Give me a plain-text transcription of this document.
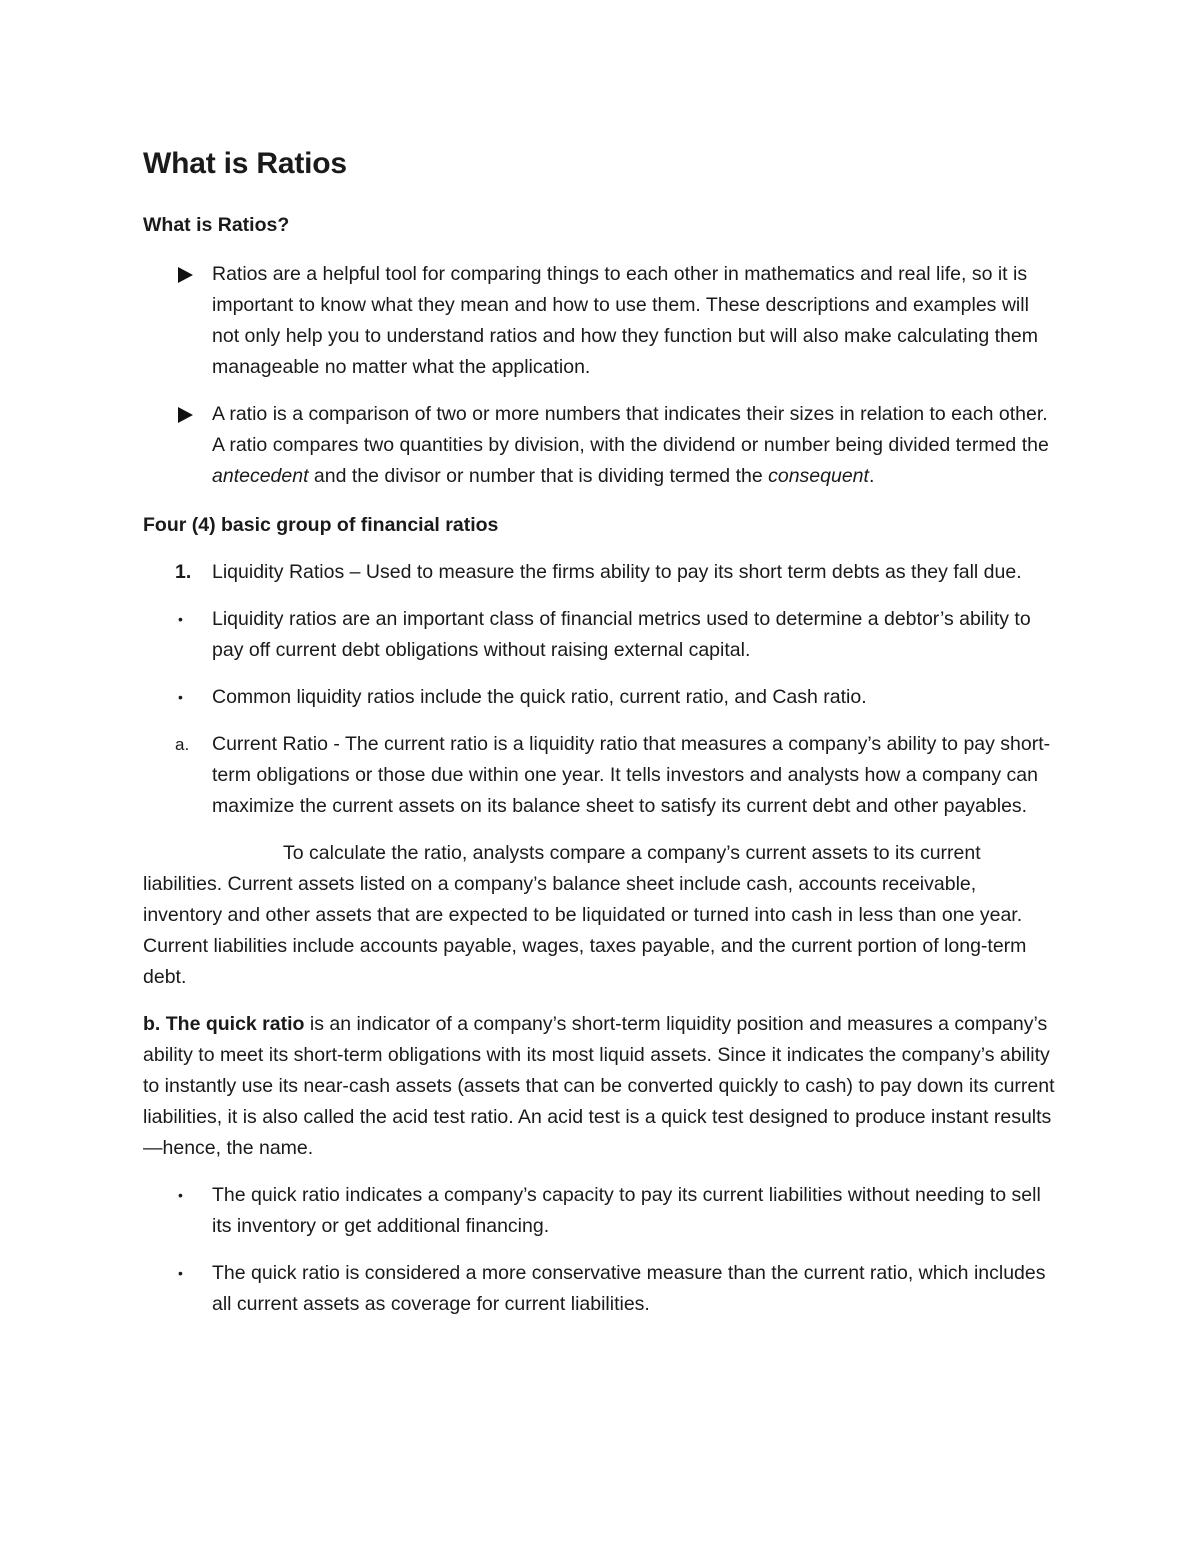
What is Ratios
What is Ratios?
Ratios are a helpful tool for comparing things to each other in mathematics and real life, so it is important to know what they mean and how to use them. These descriptions and examples will not only help you to understand ratios and how they function but will also make calculating them manageable no matter what the application.
A ratio is a comparison of two or more numbers that indicates their sizes in relation to each other. A ratio compares two quantities by division, with the dividend or number being divided termed the antecedent and the divisor or number that is dividing termed the consequent.
Four (4) basic group of financial ratios
1.	Liquidity Ratios – Used to measure the firms ability to pay its short term debts as they fall due.
• Liquidity ratios are an important class of financial metrics used to determine a debtor’s ability to pay off current debt obligations without raising external capital.
• Common liquidity ratios include the quick ratio, current ratio, and Cash ratio.
a.	Current Ratio - The current ratio is a liquidity ratio that measures a company’s ability to pay short-term obligations or those due within one year. It tells investors and analysts how a company can maximize the current assets on its balance sheet to satisfy its current debt and other payables.
To calculate the ratio, analysts compare a company’s current assets to its current liabilities. Current assets listed on a company’s balance sheet include cash, accounts receivable, inventory and other assets that are expected to be liquidated or turned into cash in less than one year. Current liabilities include accounts payable, wages, taxes payable, and the current portion of long-term debt.
b. The quick ratio is an indicator of a company’s short-term liquidity position and measures a company’s ability to meet its short-term obligations with its most liquid assets. Since it indicates the company’s ability to instantly use its near-cash assets (assets that can be converted quickly to cash) to pay down its current liabilities, it is also called the acid test ratio. An acid test is a quick test designed to produce instant results—hence, the name.
• The quick ratio indicates a company’s capacity to pay its current liabilities without needing to sell its inventory or get additional financing.
• The quick ratio is considered a more conservative measure than the current ratio, which includes all current assets as coverage for current liabilities.
